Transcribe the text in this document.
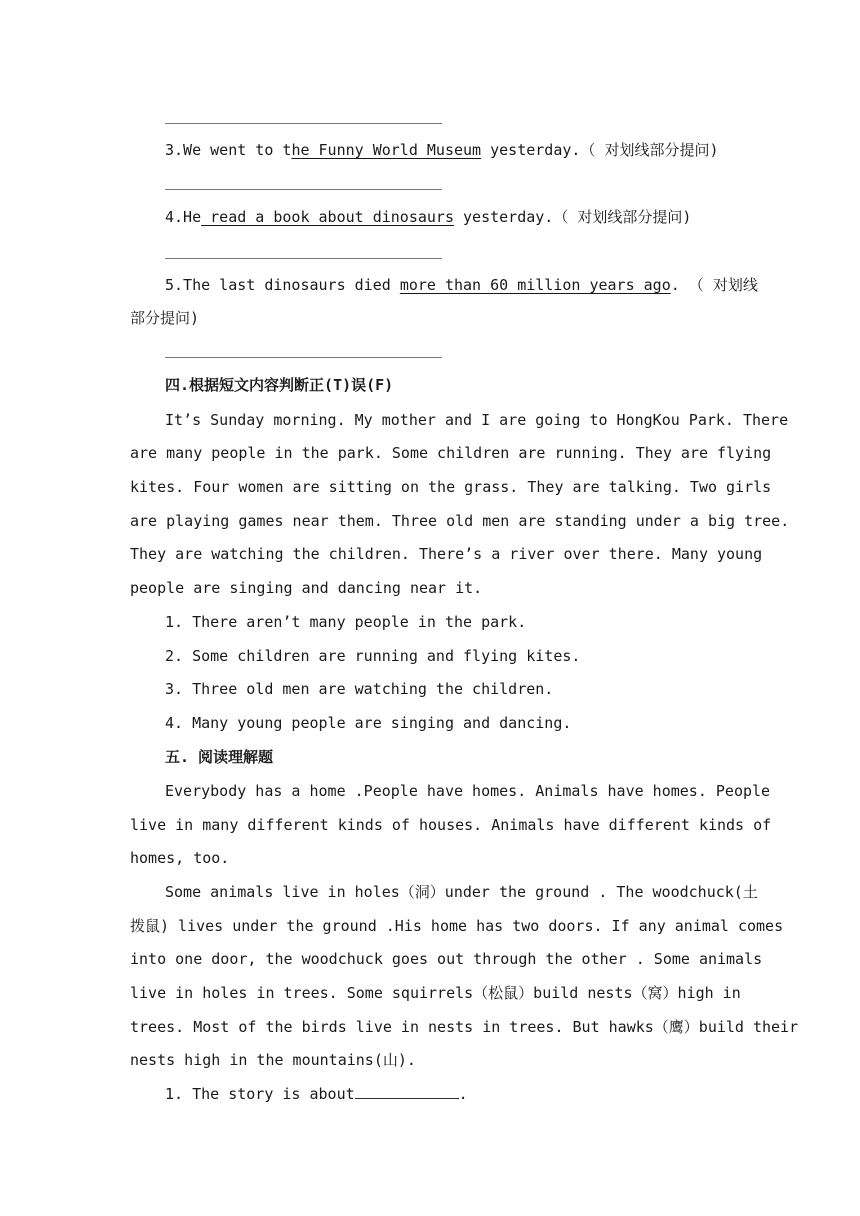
3.We went to the Funny World Museum yesterday.（ 对划线部分提问)
4.He read a book about dinosaurs yesterday.（ 对划线部分提问)
5.The last dinosaurs died more than 60 million years ago. （ 对划线
部分提问)
四.根据短文内容判断正(T)误(F)
It’s Sunday morning. My mother and I are going to HongKou Park. There
are many people in the park. Some children are running. They are flying
kites. Four women are sitting on the grass. They are talking. Two girls
are playing games near them. Three old men are standing under a big tree.
They are watching the children. There’s a river over there. Many young
people are singing and dancing near it.
1. There aren’t many people in the park.
2. Some children are running and flying kites.
3. Three old men are watching the children.
4. Many young people are singing and dancing.
五. 阅读理解题
Everybody has a home .People have homes. Animals have homes. People
live in many different kinds of houses. Animals have different kinds of
homes, too.
Some animals live in holes（洞）under the ground . The woodchuck(土
拨鼠) lives under the ground .His home has two doors. If any animal comes
into one door, the woodchuck goes out through the other . Some animals
live in holes in trees. Some squirrels（松鼠）build nests（窝）high in
trees. Most of the birds live in nests in trees. But hawks（鹰）build their
nests high in the mountains(山).
1. The story is about	.
